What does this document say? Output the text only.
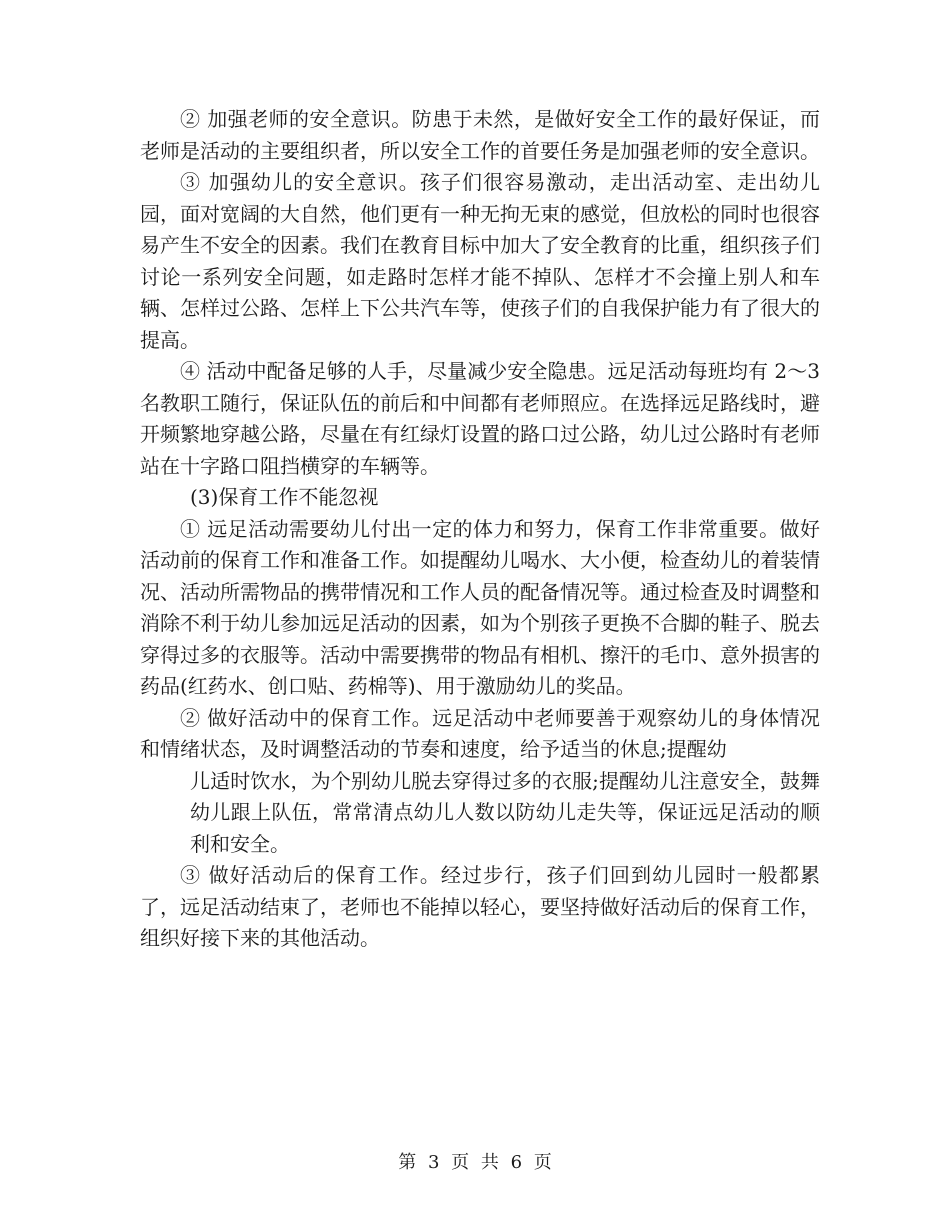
② 加强老师的安全意识。防患于未然，是做好安全工作的最好保证，而老师是活动的主要组织者，所以安全工作的首要任务是加强老师的安全意识。

③ 加强幼儿的安全意识。孩子们很容易激动，走出活动室、走出幼儿园，面对宽阔的大自然，他们更有一种无拘无束的感觉，但放松的同时也很容易产生不安全的因素。我们在教育目标中加大了安全教育的比重，组织孩子们讨论一系列安全问题，如走路时怎样才能不掉队、怎样才不会撞上别人和车辆、怎样过公路、怎样上下公共汽车等，使孩子们的自我保护能力有了很大的提高。

④ 活动中配备足够的人手，尽量减少安全隐患。远足活动每班均有 2～3 名教职工随行，保证队伍的前后和中间都有老师照应。在选择远足路线时，避开频繁地穿越公路，尽量在有红绿灯设置的路口过公路，幼儿过公路时有老师站在十字路口阻挡横穿的车辆等。

(3)保育工作不能忽视

① 远足活动需要幼儿付出一定的体力和努力，保育工作非常重要。做好活动前的保育工作和准备工作。如提醒幼儿喝水、大小便，检查幼儿的着装情况、活动所需物品的携带情况和工作人员的配备情况等。通过检查及时调整和消除不利于幼儿参加远足活动的因素，如为个别孩子更换不合脚的鞋子、脱去穿得过多的衣服等。活动中需要携带的物品有相机、擦汗的毛巾、意外损害的药品(红药水、创口贴、药棉等)、用于激励幼儿的奖品。

② 做好活动中的保育工作。远足活动中老师要善于观察幼儿的身体情况和情绪状态，及时调整活动的节奏和速度，给予适当的休息;提醒幼

儿适时饮水，为个别幼儿脱去穿得过多的衣服;提醒幼儿注意安全，鼓舞幼儿跟上队伍，常常清点幼儿人数以防幼儿走失等，保证远足活动的顺利和安全。

③ 做好活动后的保育工作。经过步行，孩子们回到幼儿园时一般都累了，远足活动结束了，老师也不能掉以轻心，要坚持做好活动后的保育工作，组织好接下来的其他活动。

第 3 页 共 6 页
